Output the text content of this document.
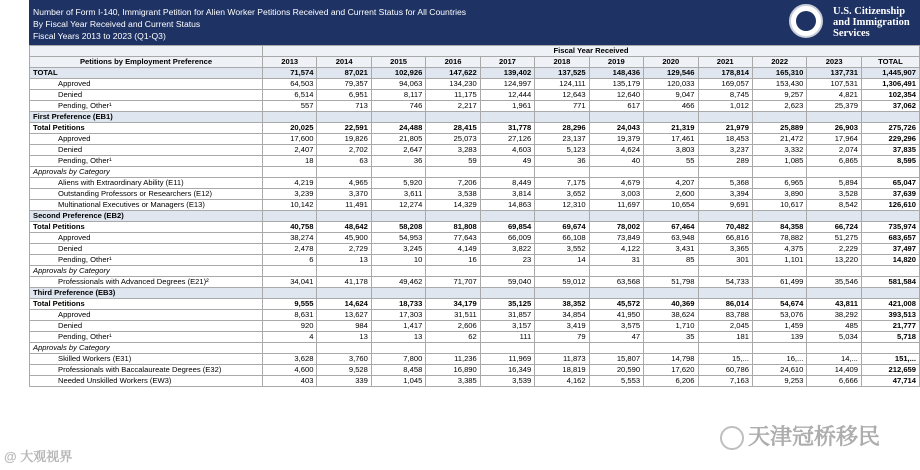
Number of Form I-140, Immigrant Petition for Alien Worker Petitions Received and Current Status for All Countries
By Fiscal Year Received and Current Status
Fiscal Years 2013 to 2023 (Q1-Q3)
U.S. Citizenship
and Immigration
Services
	Fiscal Year Received											
Petitions by Employment Preference	2013	2014	2015	2016	2017	2018	2019	2020	2021	2022	2023	TOTAL
TOTAL	71,574	87,021	102,926	147,622	139,402	137,525	148,436	129,546	178,814	165,310	137,731	1,445,907
Approved	64,503	79,357	94,063	134,230	124,997	124,111	135,179	120,033	169,057	153,430	107,531	1,306,491
Denied	6,514	6,951	8,117	11,175	12,444	12,643	12,640	9,047	8,745	9,257	4,821	102,354
Pending, Other¹	557	713	746	2,217	1,961	771	617	466	1,012	2,623	25,379	37,062
First Preference (EB1)												
Total Petitions	20,025	22,591	24,488	28,415	31,778	28,296	24,043	21,319	21,979	25,889	26,903	275,726
Approved	17,600	19,826	21,805	25,073	27,126	23,137	19,379	17,461	18,453	21,472	17,964	229,296
Denied	2,407	2,702	2,647	3,283	4,603	5,123	4,624	3,803	3,237	3,332	2,074	37,835
Pending, Other¹	18	63	36	59	49	36	40	55	289	1,085	6,865	8,595
Approvals by Category												
Aliens with Extraordinary Ability (E11)	4,219	4,965	5,920	7,206	8,449	7,175	4,679	4,207	5,368	6,965	5,894	65,047
Outstanding Professors or Researchers (E12)	3,239	3,370	3,611	3,538	3,814	3,652	3,003	2,600	3,394	3,890	3,528	37,639
Multinational Executives or Managers (E13)	10,142	11,491	12,274	14,329	14,863	12,310	11,697	10,654	9,691	10,617	8,542	126,610
Second Preference (EB2)												
Total Petitions	40,758	48,642	58,208	81,808	69,854	69,674	78,002	67,464	70,482	84,358	66,724	735,974
Approved	38,274	45,900	54,953	77,643	66,009	66,108	73,849	63,948	66,816	78,882	51,275	683,657
Denied	2,478	2,729	3,245	4,149	3,822	3,552	4,122	3,431	3,365	4,375	2,229	37,497
Pending, Other¹	6	13	10	16	23	14	31	85	301	1,101	13,220	14,820
Approvals by Category												
Professionals with Advanced Degrees (E21)²	34,041	41,178	49,462	71,707	59,040	59,012	63,568	51,798	54,733	61,499	35,546	581,584
Third Preference (EB3)												
Total Petitions	9,555	14,624	18,733	34,179	35,125	38,352	45,572	40,369	86,014	54,674	43,811	421,008
Approved	8,631	13,627	17,303	31,511	31,857	34,854	41,950	38,624	83,788	53,076	38,292	393,513
Denied	920	984	1,417	2,606	3,157	3,419	3,575	1,710	2,045	1,459	485	21,777
Pending, Other¹	4	13	13	62	111	79	47	35	181	139	5,034	5,718
Approvals by Category												
Skilled Workers (E31)	3,628	3,760	7,800	11,236	11,969	11,873	15,807	14,798	15,...	16,...	14,...	151,...
Professionals with Baccalaureate Degrees (E32)	4,600	9,528	8,458	16,890	16,349	18,819	20,590	17,620	60,786	24,610	14,409	212,659
Needed Unskilled Workers (EW3)	403	339	1,045	3,385	3,539	4,162	5,553	6,206	7,163	9,253	6,666	47,714
@ 大观视界
天津冠桥移民
